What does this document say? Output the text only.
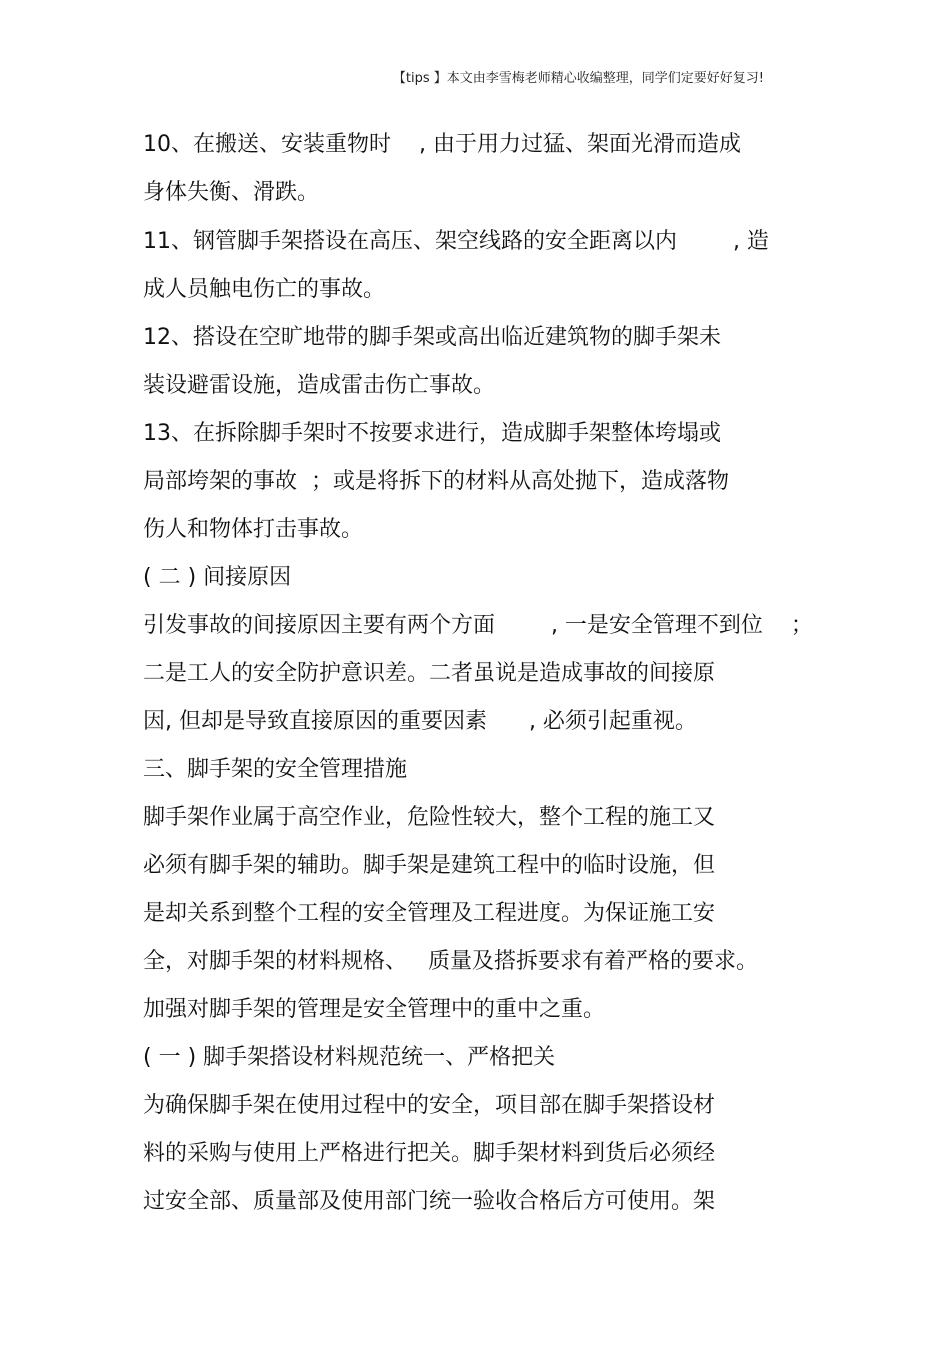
【tips 】本文由李雪梅老师精心收编整理，同学们定要好好复习!
10、在搬送、安装重物时    , 由于用力过猛、架面光滑而造成
身体失衡、滑跌。
11、钢管脚手架搭设在高压、架空线路的安全距离以内        , 造
成人员触电伤亡的事故。
12、搭设在空旷地带的脚手架或高出临近建筑物的脚手架未
装设避雷设施，造成雷击伤亡事故。
13、在拆除脚手架时不按要求进行，造成脚手架整体垮塌或
局部垮架的事故  ；或是将拆下的材料从高处抛下，造成落物
伤人和物体打击事故。
( 二 ) 间接原因
引发事故的间接原因主要有两个方面        , 一是安全管理不到位    ；
二是工人的安全防护意识差。二者虽说是造成事故的间接原
因, 但却是导致直接原因的重要因素      , 必须引起重视。
三、脚手架的安全管理措施
脚手架作业属于高空作业，危险性较大，整个工程的施工又
必须有脚手架的辅助。脚手架是建筑工程中的临时设施，但
是却关系到整个工程的安全管理及工程进度。为保证施工安
全，对脚手架的材料规格、   质量及搭拆要求有着严格的要求。
加强对脚手架的管理是安全管理中的重中之重。
( 一 ) 脚手架搭设材料规范统一、严格把关
为确保脚手架在使用过程中的安全，项目部在脚手架搭设材
料的采购与使用上严格进行把关。脚手架材料到货后必须经
过安全部、质量部及使用部门统一验收合格后方可使用。架
